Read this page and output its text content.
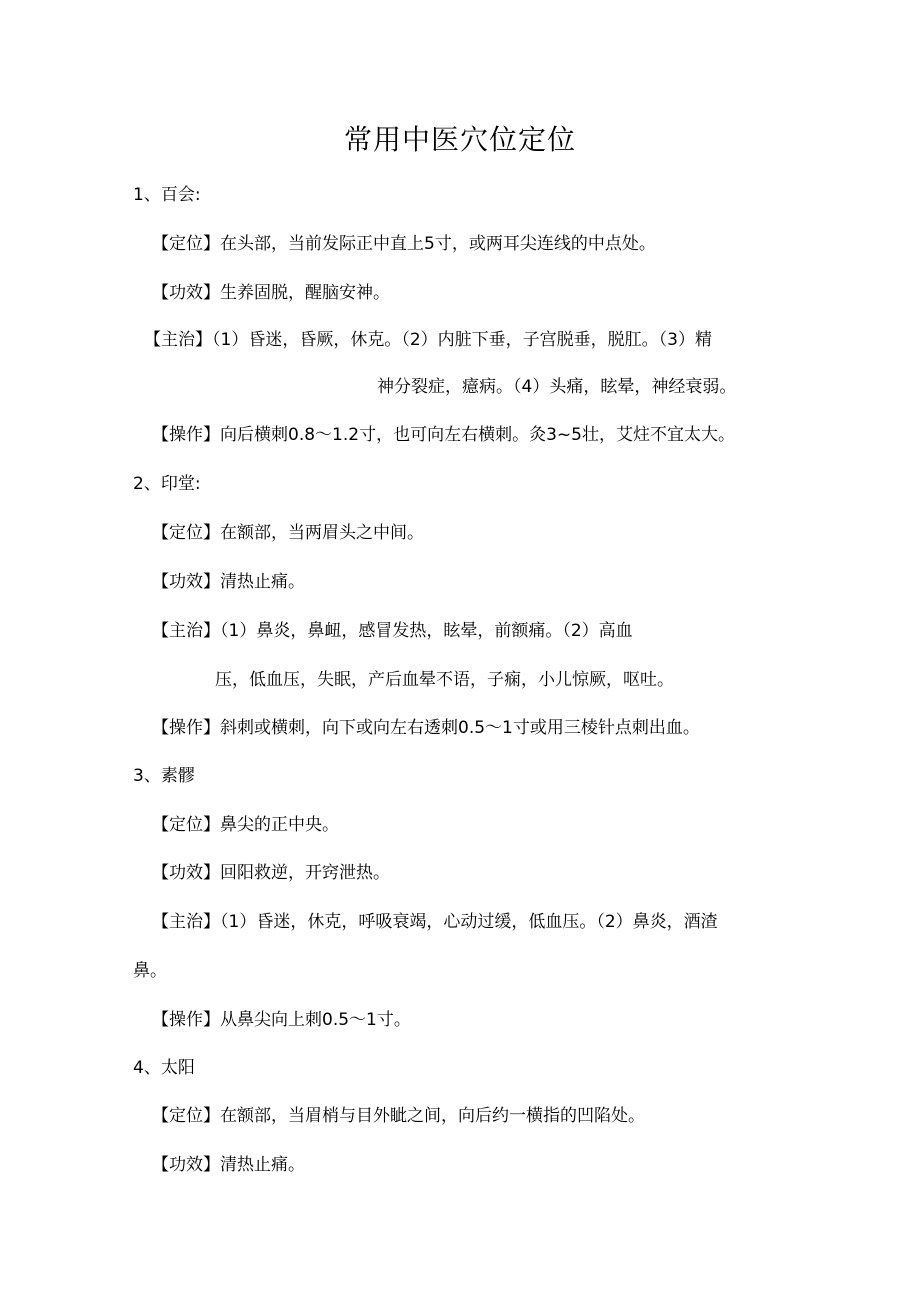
常用中医穴位定位
1、百会:
【定位】在头部，当前发际正中直上5寸，或两耳尖连线的中点处。
【功效】生养固脱，醒脑安神。
【主治】（1）昏迷，昏厥，休克。（2）内脏下垂，子宫脱垂，脱肛。（3）精
神分裂症，癔病。（4）头痛，眩晕，神经衰弱。
【操作】向后横刺0.8～1.2寸，也可向左右横刺。灸3~5壮，艾炷不宜太大。
2、印堂:
【定位】在额部，当两眉头之中间。
【功效】清热止痛。
【主治】（1）鼻炎，鼻衄，感冒发热，眩晕，前额痛。（2）高血
压，低血压，失眠，产后血晕不语，子痫，小儿惊厥，呕吐。
【操作】斜刺或横刺，向下或向左右透刺0.5～1寸或用三棱针点刺出血。
3、素髎
【定位】鼻尖的正中央。
【功效】回阳救逆，开窍泄热。
【主治】（1）昏迷，休克，呼吸衰竭，心动过缓，低血压。（2）鼻炎，酒渣
鼻。
【操作】从鼻尖向上刺0.5～1寸。
4、太阳
【定位】在额部，当眉梢与目外眦之间，向后约一横指的凹陷处。
【功效】清热止痛。
